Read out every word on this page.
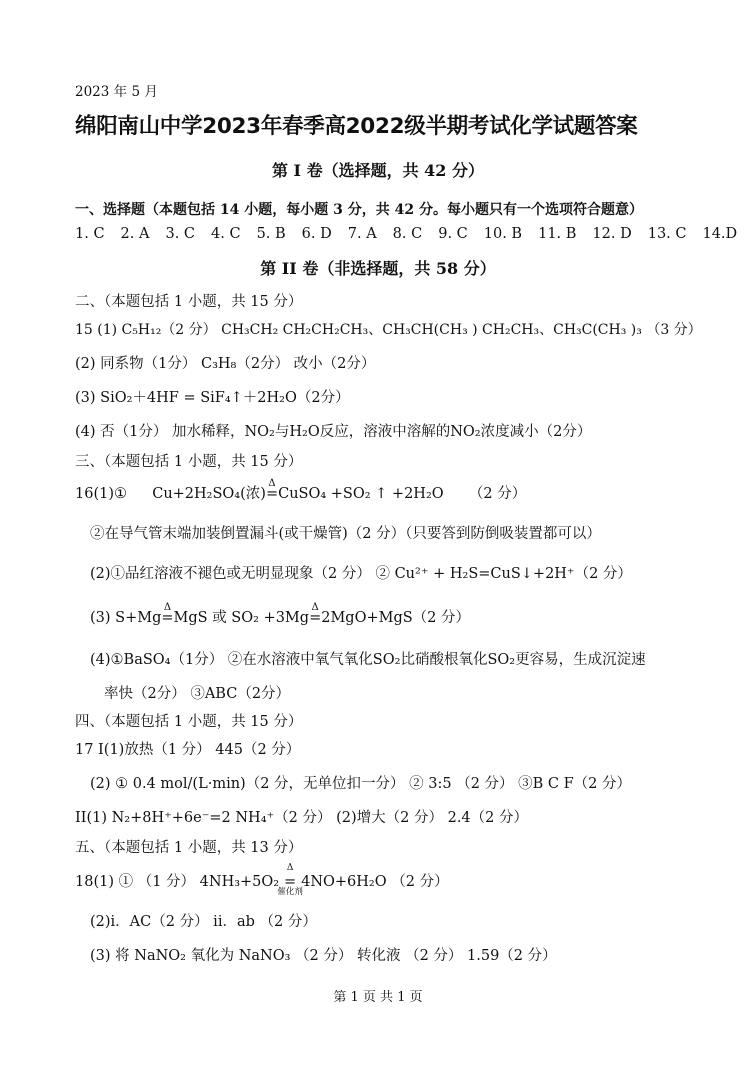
2023 年 5 月
绵阳南山中学2023年春季高2022级半期考试化学试题答案
第 I 卷（选择题，共 42 分）
一、选择题（本题包括 14 小题，每小题 3 分，共 42 分。每小题只有一个选项符合题意）
1. C 2. A 3. C 4. C 5. B 6. D 7. A 8. C 9. C 10. B 11. B 12. D 13. C 14.D
第 II 卷（非选择题，共 58 分）
二、（本题包括 1 小题，共 15 分）
15 (1) C₅H₁₂（2 分） CH₃CH₂ CH₂CH₂CH₃、CH₃CH(CH₃ ) CH₂CH₃、CH₃C(CH₃ )₃ （3 分）
(2) 同系物（1分） C₃H₈（2分） 改小（2分）
(3) SiO₂＋4HF = SiF₄↑＋2H₂O（2分）
(4) 否（1分） 加水稀释，NO₂与H₂O反应，溶液中溶解的NO₂浓度减小（2分）
三、（本题包括 1 小题，共 15 分）
16(1)① Cu+2H₂SO₄(浓)
Δ
=CuSO₄ +SO₂ ↑ +2H₂O （2 分）
②在导气管末端加装倒置漏斗(或干燥管)（2 分）（只要答到防倒吸装置都可以）
(2)①品红溶液不褪色或无明显现象（2 分） ② Cu²⁺ + H₂S=CuS↓+2H⁺（2 分）
(3) S+Mg
Δ
=MgS 或 SO₂ +3Mg
Δ
=2MgO+MgS（2 分）
(4)①BaSO₄（1分） ②在水溶液中氧气氧化SO₂比硝酸根氧化SO₂更容易，生成沉淀速
率快（2分） ③ABC（2分）
四、（本题包括 1 小题，共 15 分）
17 I(1)放热（1 分） 445（2 分）
(2) ① 0.4 mol/(L·min)（2 分，无单位扣一分） ② 3:5 （2 分） ③B C F（2 分）
II(1) N₂+8H⁺+6e⁻=2 NH₄⁺（2 分） (2)增大（2 分） 2.4（2 分）
五、（本题包括 1 小题，共 13 分）
18(1) ① （1 分） 4NH₃+5O₂
Δ
=
催化剂
4NO+6H₂O （2 分）
(2)i．AC（2 分） ii．ab （2 分）
(3) 将 NaNO₂ 氧化为 NaNO₃ （2 分） 转化液 （2 分） 1.59（2 分）
第 1 页 共 1 页
